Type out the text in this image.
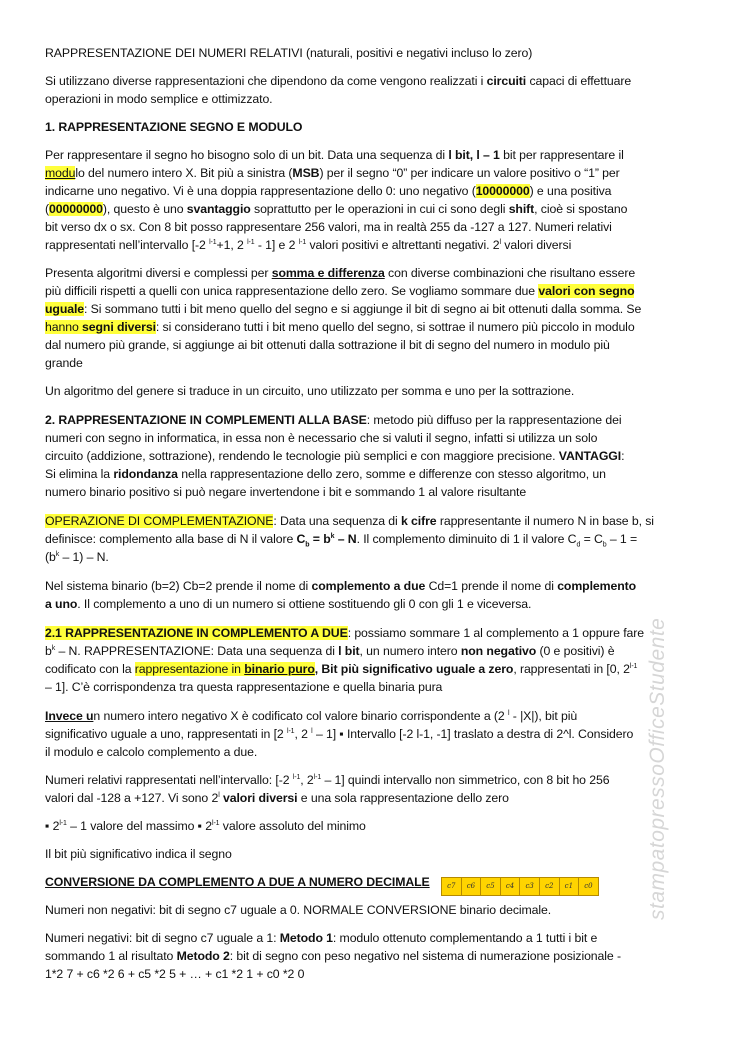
stampatopressoOfficeStudente

RAPPRESENTAZIONE DEI NUMERI RELATIVI (naturali, positivi e negativi incluso lo zero)

Si utilizzano diverse rappresentazioni che dipendono da come vengono realizzati i circuiti capaci di effettuare

operazioni in modo semplice e ottimizzato.

1. RAPPRESENTAZIONE SEGNO E MODULO

Per rappresentare il segno ho bisogno solo di un bit. Data una sequenza di l bit, l – 1 bit per rappresentare il

modulo del numero intero X. Bit più a sinistra (MSB) per il segno “0” per indicare un valore positivo o “1” per

indicarne uno negativo. Vi è una doppia rappresentazione dello 0: uno negativo (10000000) e una positiva

(00000000), questo è uno svantaggio soprattutto per le operazioni in cui ci sono degli shift, cioè si spostano

bit verso dx o sx. Con 8 bit posso rappresentare 256 valori, ma in realtà 255 da -127 a 127. Numeri relativi

rappresentati nell’intervallo [-2 $^{l-1}$+1, 2 $^{l-1}$ - 1] e 2 $^{l-1}$ valori positivi e altrettanti negativi. 2$^l$ valori diversi

Presenta algoritmi diversi e complessi per somma e differenza con diverse combinazioni che risultano essere

più difficili rispetti a quelli con unica rappresentazione dello zero. Se vogliamo sommare due valori con segno

uguale: Si sommano tutti i bit meno quello del segno e si aggiunge il bit di segno ai bit ottenuti dalla somma. Se

hanno segni diversi: si considerano tutti i bit meno quello del segno, si sottrae il numero più piccolo in modulo

dal numero più grande, si aggiunge ai bit ottenuti dalla sottrazione il bit di segno del numero in modulo più

grande

Un algoritmo del genere si traduce in un circuito, uno utilizzato per somma e uno per la sottrazione.

2. RAPPRESENTAZIONE IN COMPLEMENTI ALLA BASE: metodo più diffuso per la rappresentazione dei

numeri con segno in informatica, in essa non è necessario che si valuti il segno, infatti si utilizza un solo

circuito (addizione, sottrazione), rendendo le tecnologie più semplici e con maggiore precisione. VANTAGGI:

Si elimina la ridondanza nella rappresentazione dello zero, somme e differenze con stesso algoritmo, un

numero binario positivo si può negare invertendone i bit e sommando 1 al valore risultante

OPERAZIONE DI COMPLEMENTAZIONE: Data una sequenza di k cifre rappresentante il numero N in base b, si

definisce: complemento alla base di N il valore $C_b = b^k - N$. Il complemento diminuito di 1 il valore $C_d = C_b - 1$ =

$(b^k - 1)$ – N.

Nel sistema binario (b=2) Cb=2 prende il nome di complemento a due Cd=1 prende il nome di complemento

a uno. Il complemento a uno di un numero si ottiene sostituendo gli 0 con gli 1 e viceversa.

2.1 RAPPRESENTAZIONE IN COMPLEMENTO A DUE: possiamo sommare 1 al complemento a 1 oppure fare

$b^k$ – N. RAPPRESENTAZIONE: Data una sequenza di l bit, un numero intero non negativo (0 e positivi) è

codificato con la rappresentazione in binario puro, Bit più significativo uguale a zero, rappresentati in [0, 2$^{l-1}$

– 1]. C’è corrispondenza tra questa rappresentazione e quella binaria pura

Invece un numero intero negativo X è codificato col valore binario corrispondente a (2 $^l$ - |X|), bit più

significativo uguale a uno, rappresentati in [2 $^{l-1}$, 2 $^l$ – 1] ▪ Intervallo [-2 l-1, -1] traslato a destra di 2^l. Considero

il modulo e calcolo complemento a due.

Numeri relativi rappresentati nell’intervallo: [-2 $^{l-1}$, 2$^{l-1}$ – 1] quindi intervallo non simmetrico, con 8 bit ho 256

valori dal -128 a +127. Vi sono 2$^l$ valori diversi e una sola rappresentazione dello zero

▪ 2$^{l-1}$ – 1 valore del massimo ▪ 2$^{l-1}$ valore assoluto del minimo

Il bit più significativo indica il segno

CONVERSIONE DA COMPLEMENTO A DUE A NUMERO DECIMALE	c7	c6	c5	c4	c3	c2	c1	c0

Numeri non negativi: bit di segno c7 uguale a 0. NORMALE CONVERSIONE binario decimale.

Numeri negativi: bit di segno c7 uguale a 1: Metodo 1: modulo ottenuto complementando a 1 tutti i bit e

sommando 1 al risultato Metodo 2: bit di segno con peso negativo nel sistema di numerazione posizionale -

1*2 7 + c6 *2 6 + c5 *2 5 + … + c1 *2 1 + c0 *2 0
